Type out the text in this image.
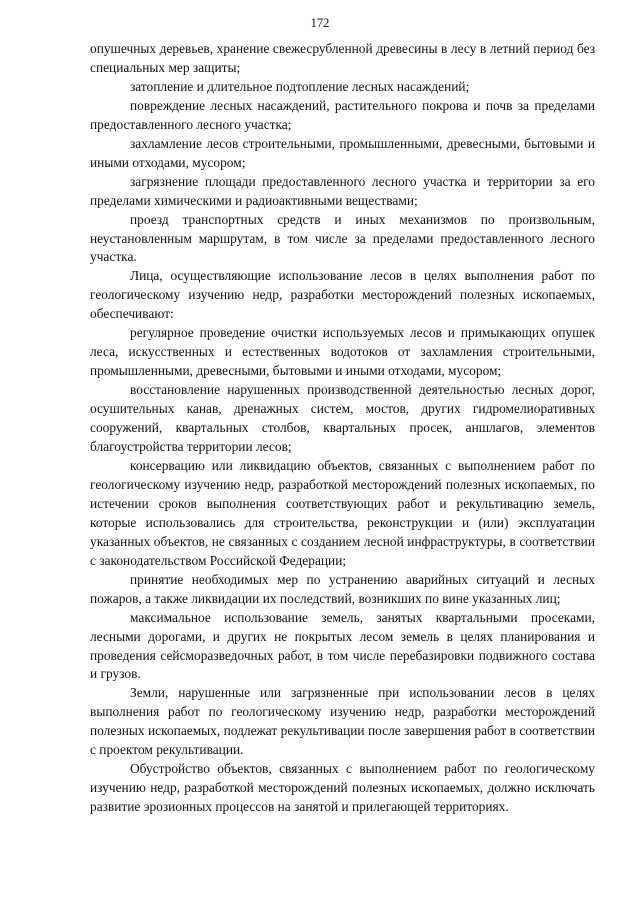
172

опушечных деревьев, хранение свежесрубленной древесины в лесу в летний период без специальных мер защиты;

затопление и длительное подтопление лесных насаждений;

повреждение лесных насаждений, растительного покрова и почв за пределами предоставленного лесного участка;

захламление лесов строительными, промышленными, древесными, бытовыми и иными отходами, мусором;

загрязнение площади предоставленного лесного участка и территории за его пределами химическими и радиоактивными веществами;

проезд транспортных средств и иных механизмов по произвольным, неустановленным маршрутам, в том числе за пределами предоставленного лесного участка.

Лица, осуществляющие использование лесов в целях выполнения работ по геологическому изучению недр, разработки месторождений полезных ископаемых, обеспечивают:

регулярное проведение очистки используемых лесов и примыкающих опушек леса, искусственных и естественных водотоков от захламления строительными, промышленными, древесными, бытовыми и иными отходами, мусором;

восстановление нарушенных производственной деятельностью лесных дорог, осушительных канав, дренажных систем, мостов, других гидромелиоративных сооружений, квартальных столбов, квартальных просек, аншлагов, элементов благоустройства территории лесов;

консервацию или ликвидацию объектов, связанных с выполнением работ по геологическому изучению недр, разработкой месторождений полезных ископаемых, по истечении сроков выполнения соответствующих работ и рекультивацию земель, которые использовались для строительства, реконструкции и (или) эксплуатации указанных объектов, не связанных с созданием лесной инфраструктуры, в соответствии с законодательством Российской Федерации;

принятие необходимых мер по устранению аварийных ситуаций и лесных пожаров, а также ликвидации их последствий, возникших по вине указанных лиц;

максимальное использование земель, занятых квартальными просеками, лесными дорогами, и других не покрытых лесом земель в целях планирования и проведения сейсморазведочных работ, в том числе перебазировки подвижного состава и грузов.

Земли, нарушенные или загрязненные при использовании лесов в целях выполнения работ по геологическому изучению недр, разработки месторождений полезных ископаемых, подлежат рекультивации после завершения работ в соответствии с проектом рекультивации.

Обустройство объектов, связанных с выполнением работ по геологическому изучению недр, разработкой месторождений полезных ископаемых, должно исключать развитие эрозионных процессов на занятой и прилегающей территориях.
